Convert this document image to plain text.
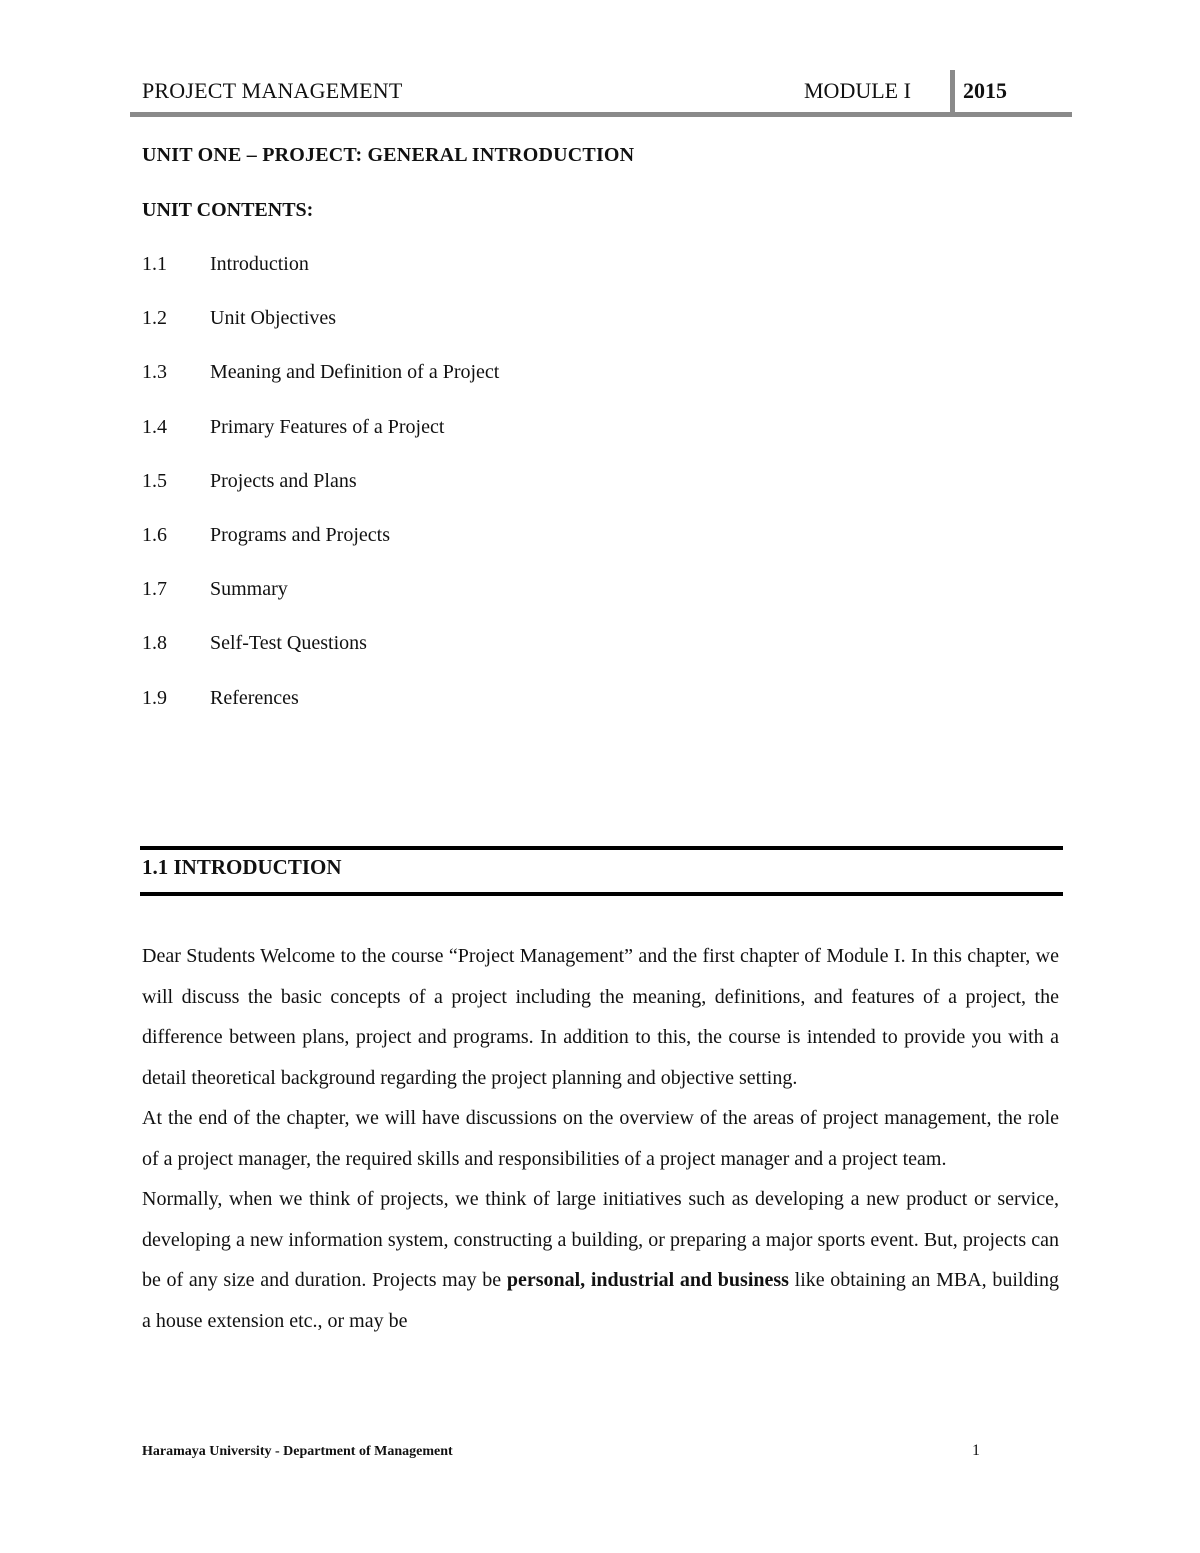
PROJECT MANAGEMENT	MODULE I 2015
UNIT ONE – PROJECT: GENERAL INTRODUCTION
UNIT CONTENTS:
1.1 Introduction
1.2 Unit Objectives
1.3 Meaning and Definition of a Project
1.4 Primary Features of a Project
1.5 Projects and Plans
1.6 Programs and Projects
1.7 Summary
1.8 Self-Test Questions
1.9 References
1.1 INTRODUCTION

Dear Students Welcome to the course “Project Management” and the first chapter of Module I. In this chapter, we will discuss the basic concepts of a project including the meaning, definitions, and features of a project, the difference between plans, project and programs. In addition to this, the course is intended to provide you with a detail theoretical background regarding the project planning and objective setting.

At the end of the chapter, we will have discussions on the overview of the areas of project management, the role of a project manager, the required skills and responsibilities of a project manager and a project team.

Normally, when we think of projects, we think of large initiatives such as developing a new product or service, developing a new information system, constructing a building, or preparing a major sports event. But, projects can be of any size and duration. Projects may be personal, industrial and business like obtaining an MBA, building a house extension etc., or may be

Haramaya University - Department of Management	1
